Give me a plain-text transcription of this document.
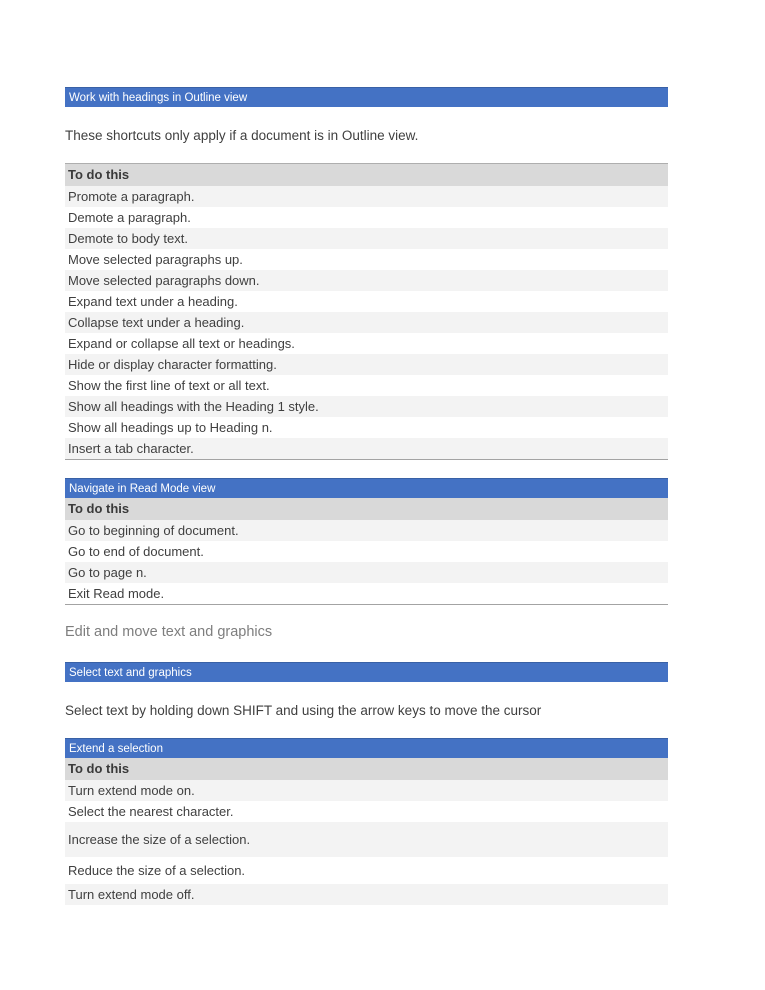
Work with headings in Outline view
These shortcuts only apply if a document is in Outline view.
To do this
Promote a paragraph.
Demote a paragraph.
Demote to body text.
Move selected paragraphs up.
Move selected paragraphs down.
Expand text under a heading.
Collapse text under a heading.
Expand or collapse all text or headings.
Hide or display character formatting.
Show the first line of text or all text.
Show all headings with the Heading 1 style.
Show all headings up to Heading n.
Insert a tab character.
Navigate in Read Mode view
To do this
Go to beginning of document.
Go to end of document.
Go to page n.
Exit Read mode.
Edit and move text and graphics
Select text and graphics
Select text by holding down SHIFT and using the arrow keys to move the cursor
Extend a selection
To do this
Turn extend mode on.
Select the nearest character.
Increase the size of a selection.
Reduce the size of a selection.
Turn extend mode off.
